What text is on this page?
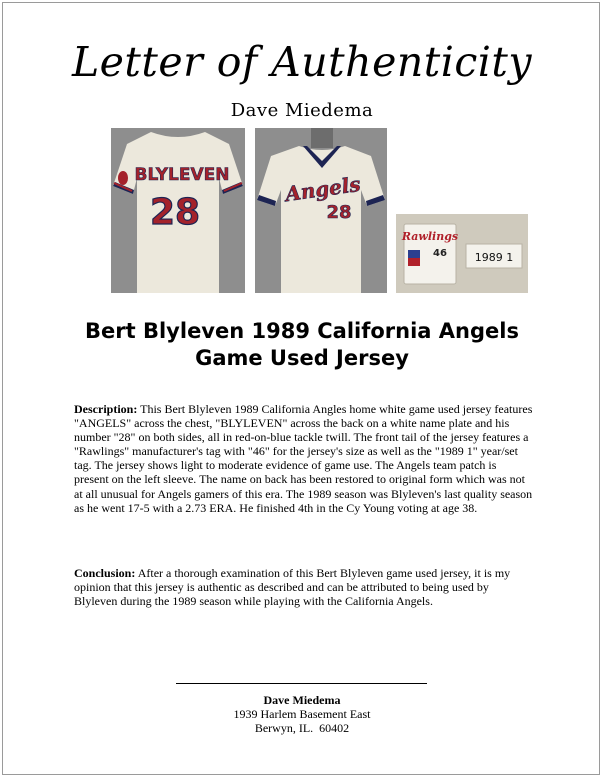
Letter of Authenticity
Dave Miedema
BLYLEVEN
28
Angels
28
Rawlings
46	1989 1
Bert Blyleven 1989 California Angels
Game Used Jersey
Description: This Bert Blyleven 1989 California Angles home white game used jersey features "ANGELS" across the chest, "BLYLEVEN" across the back on a white name plate and his number "28" on both sides, all in red-on-blue tackle twill. The front tail of the jersey features a "Rawlings" manufacturer's tag with "46" for the jersey's size as well as the "1989 1" year/set tag. The jersey shows light to moderate evidence of game use. The Angels team patch is present on the left sleeve. The name on back has been restored to original form which was not at all unusual for Angels gamers of this era. The 1989 season was Blyleven's last quality season as he went 17-5 with a 2.73 ERA. He finished 4th in the Cy Young voting at age 38.
Conclusion: After a thorough examination of this Bert Blyleven game used jersey, it is my opinion that this jersey is authentic as described and can be attributed to being used by Blyleven during the 1989 season while playing with the California Angels.
Dave Miedema
1939 Harlem Basement East
Berwyn, IL.  60402
